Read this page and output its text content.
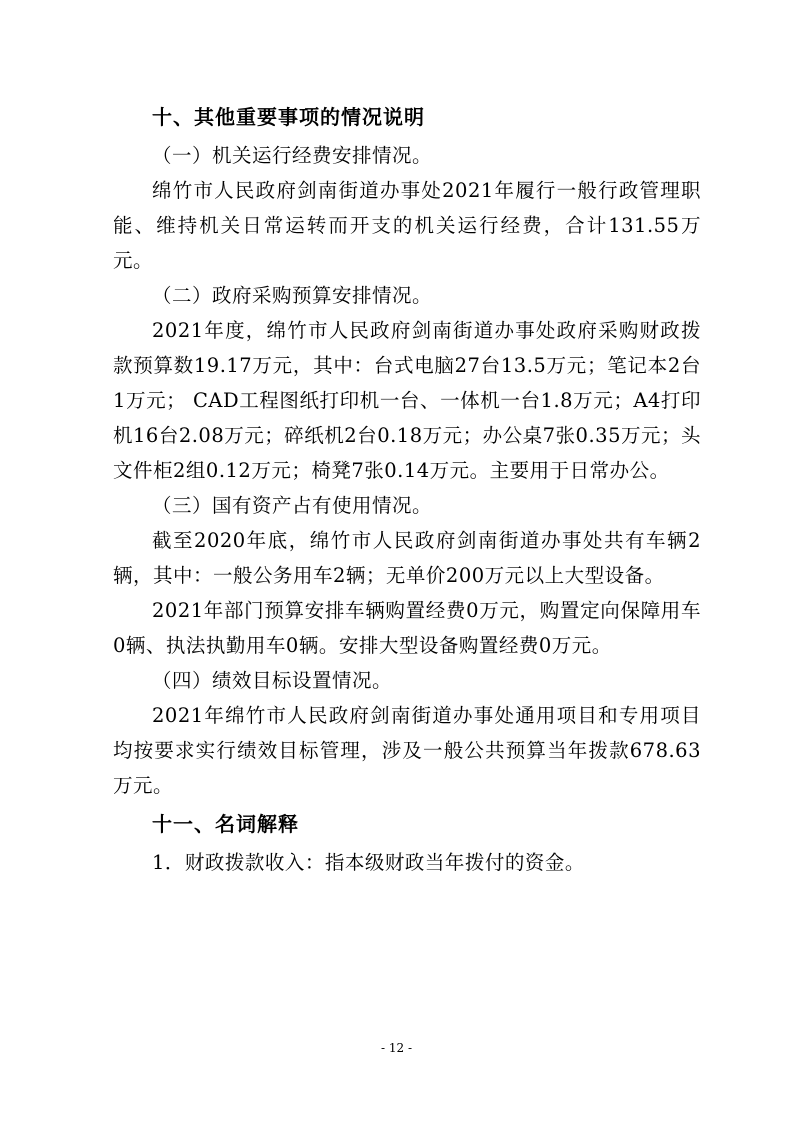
十、其他重要事项的情况说明

（一）机关运行经费安排情况。

绵竹市人民政府剑南街道办事处2021年履行一般行政管理职能、维持机关日常运转而开支的机关运行经费，合计131.55万元。

（二）政府采购预算安排情况。

2021年度，绵竹市人民政府剑南街道办事处政府采购财政拨款预算数19.17万元，其中：台式电脑27台13.5万元；笔记本2台1万元； CAD工程图纸打印机一台、一体机一台1.8万元；A4打印机16台2.08万元；碎纸机2台0.18万元；办公桌7张0.35万元；头文件柜2组0.12万元；椅凳7张0.14万元。主要用于日常办公。

（三）国有资产占有使用情况。

截至2020年底，绵竹市人民政府剑南街道办事处共有车辆2辆，其中：一般公务用车2辆；无单价200万元以上大型设备。

2021年部门预算安排车辆购置经费0万元，购置定向保障用车0辆、执法执勤用车0辆。安排大型设备购置经费0万元。

（四）绩效目标设置情况。

2021年绵竹市人民政府剑南街道办事处通用项目和专用项目均按要求实行绩效目标管理，涉及一般公共预算当年拨款678.63万元。

十一、名词解释

1．财政拨款收入：指本级财政当年拨付的资金。

- 12 -
